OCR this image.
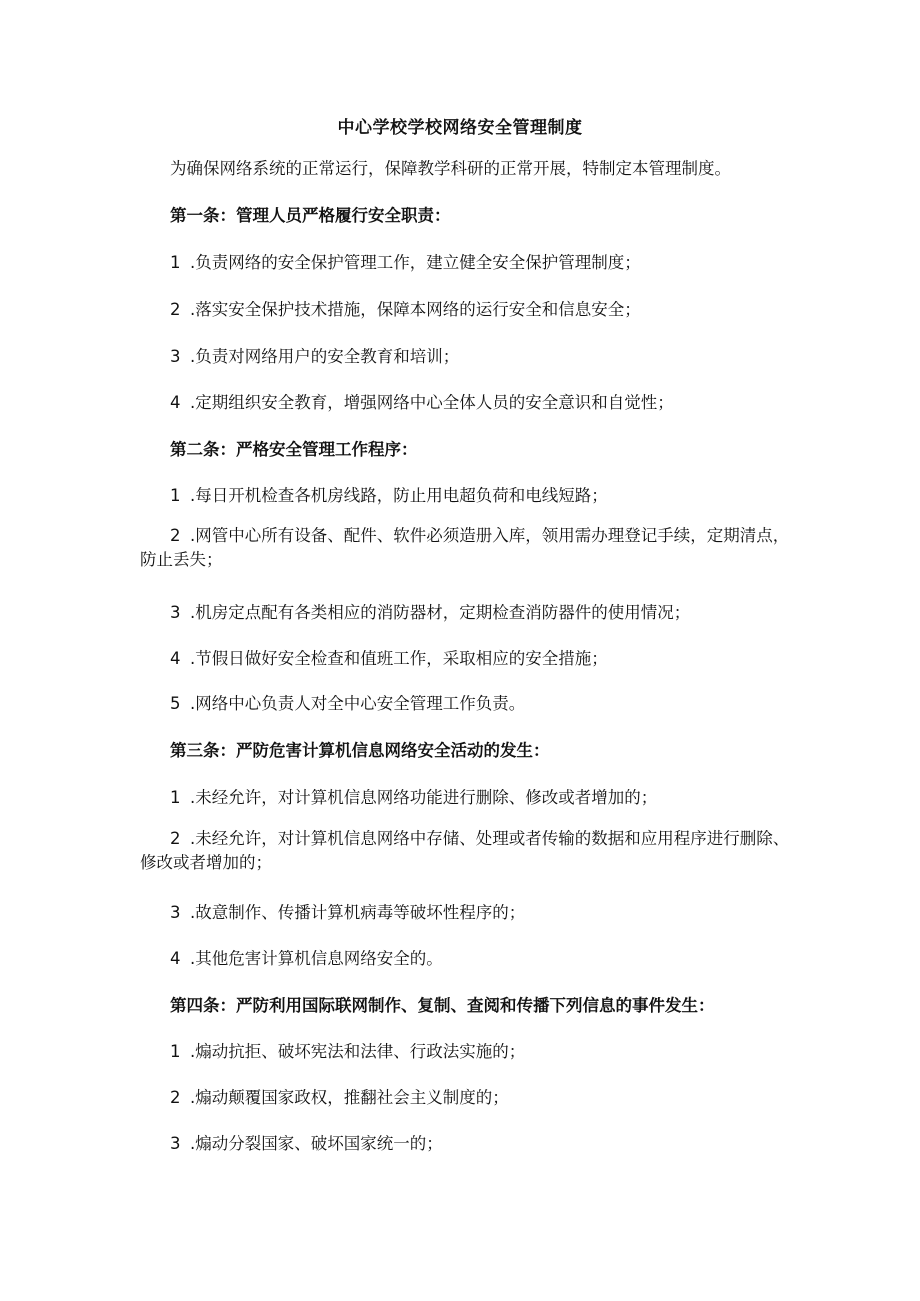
中心学校学校网络安全管理制度
为确保网络系统的正常运行，保障教学科研的正常开展，特制定本管理制度。
第一条：管理人员严格履行安全职责：
1 .负责网络的安全保护管理工作，建立健全安全保护管理制度；
2 .落实安全保护技术措施，保障本网络的运行安全和信息安全；
3 .负责对网络用户的安全教育和培训；
4 .定期组织安全教育，增强网络中心全体人员的安全意识和自觉性；
第二条：严格安全管理工作程序：
1 .每日开机检查各机房线路，防止用电超负荷和电线短路；
2 .网管中心所有设备、配件、软件必须造册入库，领用需办理登记手续，定期清点，防止丢失；
3 .机房定点配有各类相应的消防器材，定期检查消防器件的使用情况；
4 .节假日做好安全检查和值班工作，采取相应的安全措施；
5 .网络中心负责人对全中心安全管理工作负责。
第三条：严防危害计算机信息网络安全活动的发生：
1 .未经允许，对计算机信息网络功能进行删除、修改或者增加的；
2 .未经允许，对计算机信息网络中存储、处理或者传输的数据和应用程序进行删除、修改或者增加的；
3 .故意制作、传播计算机病毒等破坏性程序的；
4 .其他危害计算机信息网络安全的。
第四条：严防利用国际联网制作、复制、查阅和传播下列信息的事件发生：
1 .煽动抗拒、破坏宪法和法律、行政法实施的；
2 .煽动颠覆国家政权，推翻社会主义制度的；
3 .煽动分裂国家、破坏国家统一的；
